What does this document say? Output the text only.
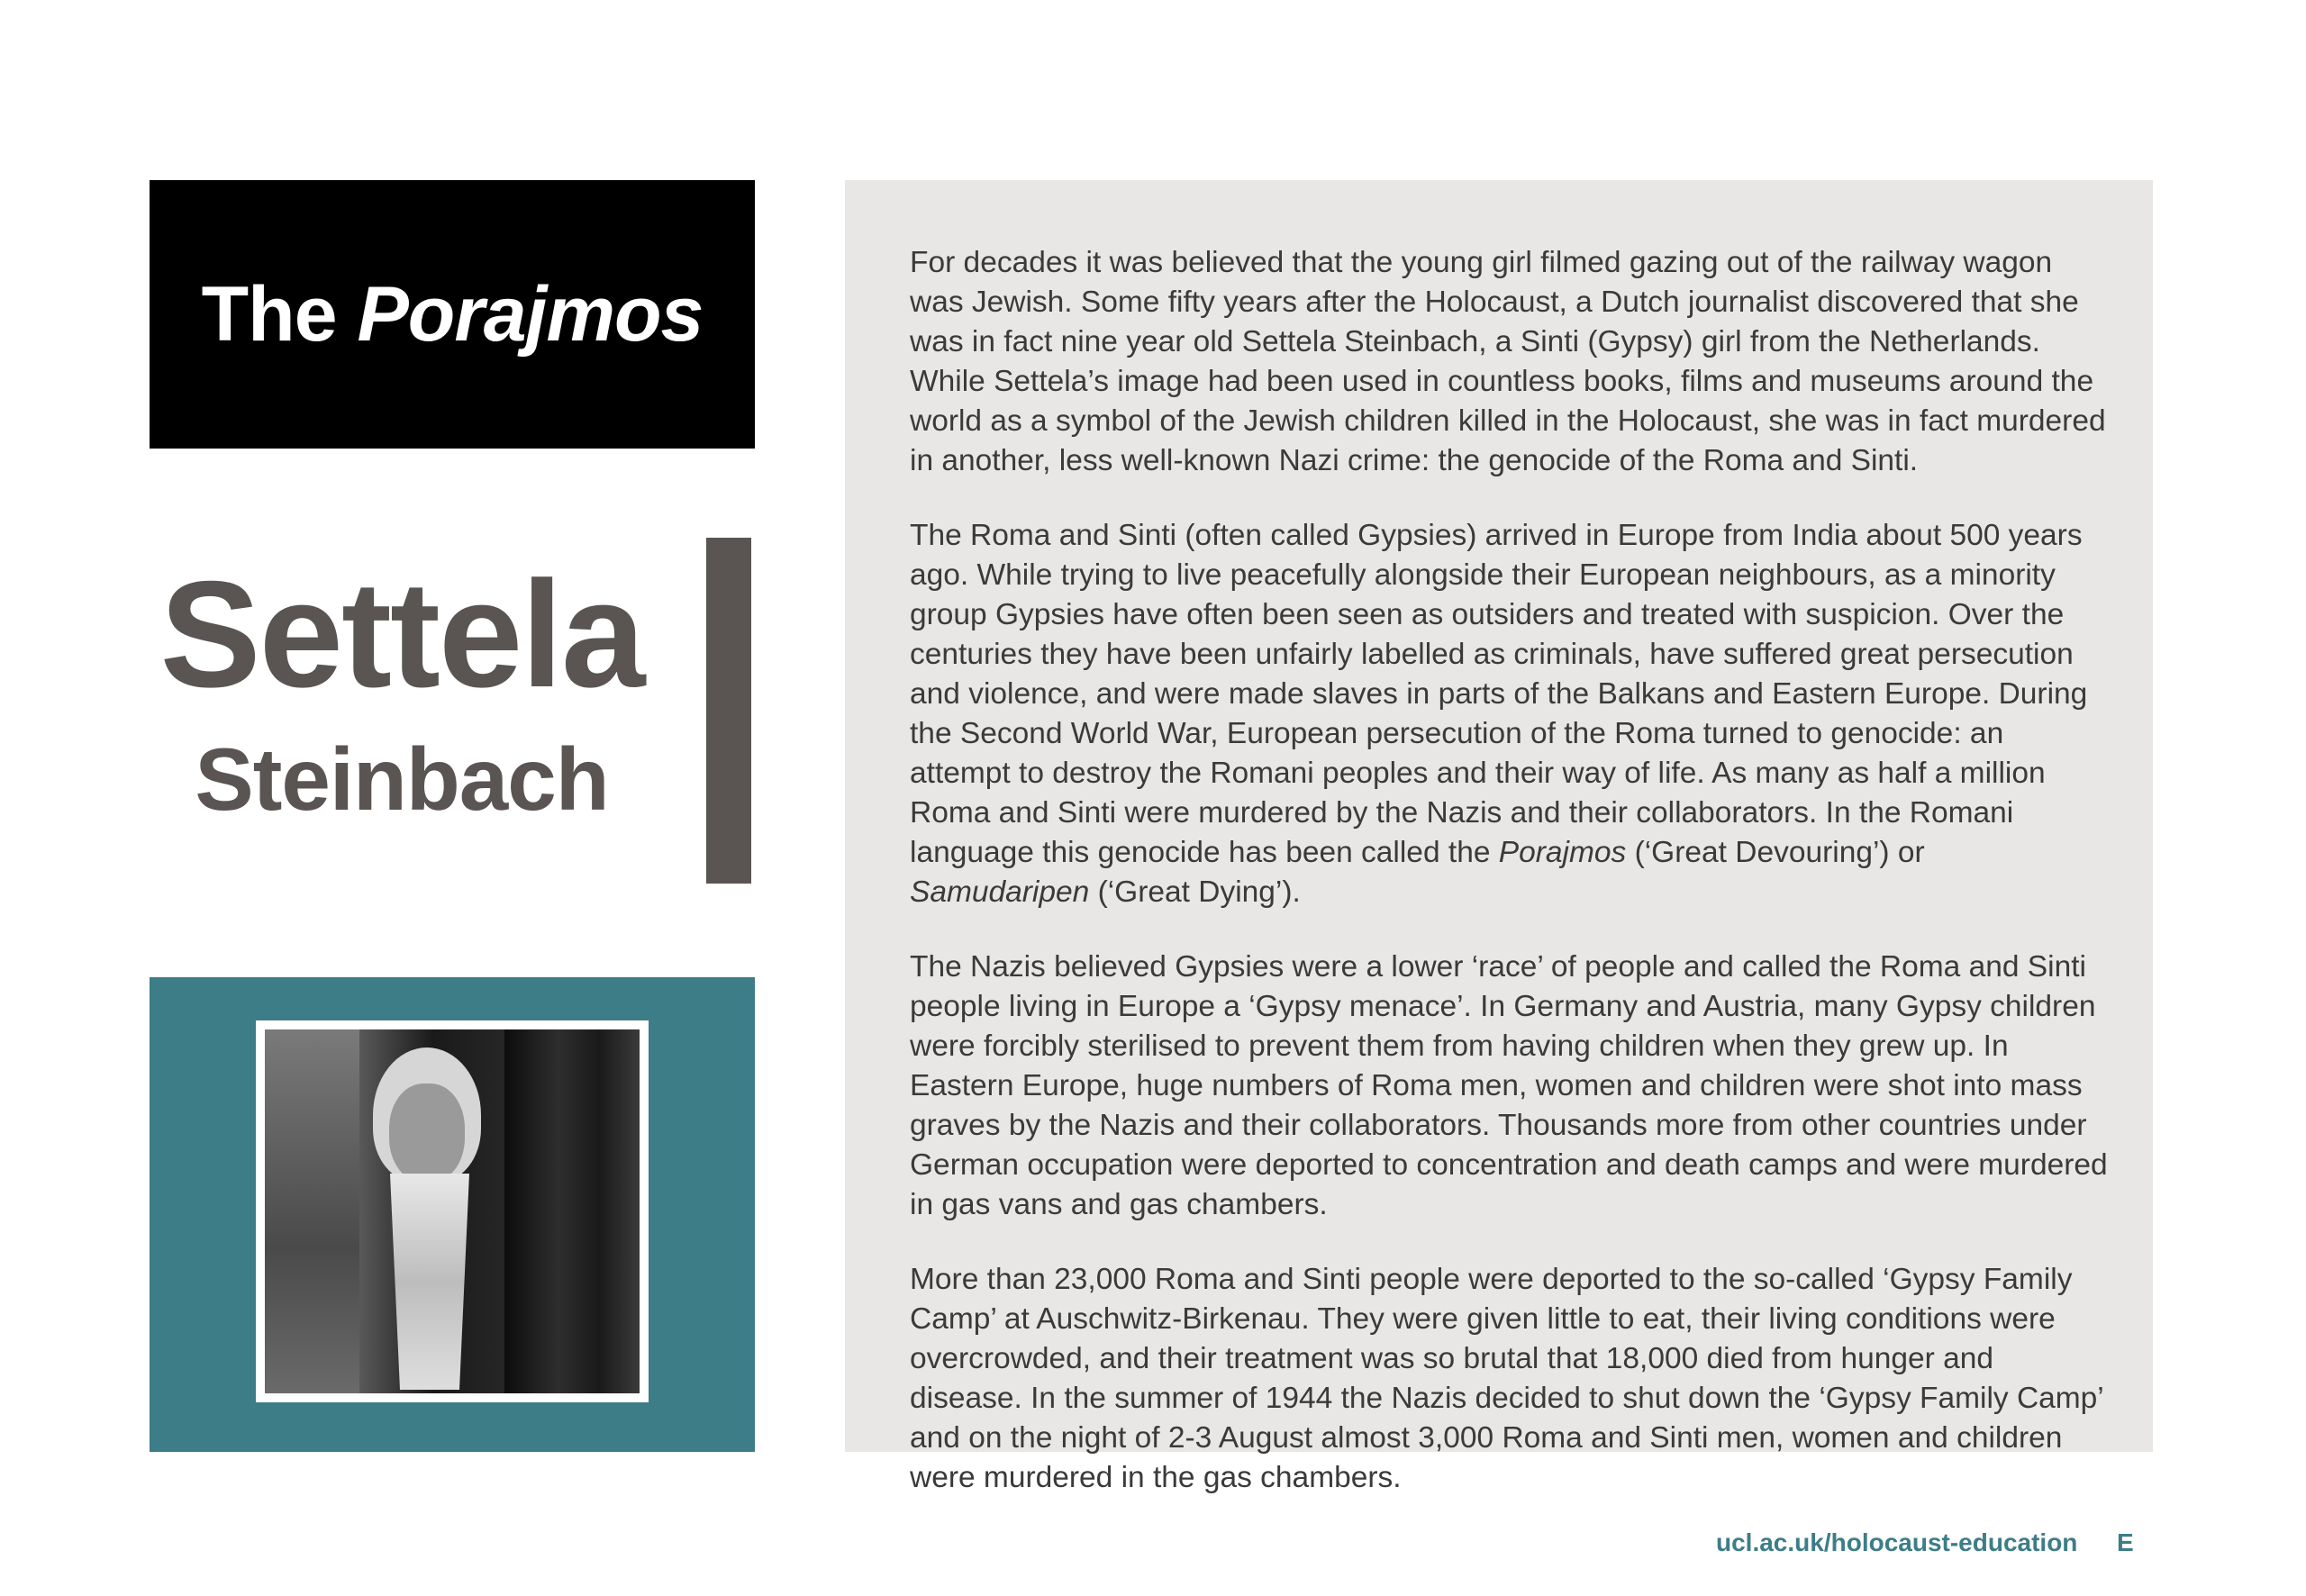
The Porajmos
Settela
Steinbach

For decades it was believed that the young girl filmed gazing out of the railway wagon was Jewish. Some fifty years after the Holocaust, a Dutch journalist discovered that she was in fact nine year old Settela Steinbach, a Sinti (Gypsy) girl from the Netherlands. While Settela’s image had been used in countless books, films and museums around the world as a symbol of the Jewish children killed in the Holocaust, she was in fact murdered in another, less well-known Nazi crime: the genocide of the Roma and Sinti.

The Roma and Sinti (often called Gypsies) arrived in Europe from India about 500 years ago. While trying to live peacefully alongside their European neighbours, as a minority group Gypsies have often been seen as outsiders and treated with suspicion. Over the centuries they have been unfairly labelled as criminals, have suffered great persecution and violence, and were made slaves in parts of the Balkans and Eastern Europe. During the Second World War, European persecution of the Roma turned to genocide: an attempt to destroy the Romani peoples and their way of life. As many as half a million Roma and Sinti were murdered by the Nazis and their collaborators. In the Romani language this genocide has been called the Porajmos (‘Great Devouring’) or Samudaripen (‘Great Dying’).

The Nazis believed Gypsies were a lower ‘race’ of people and called the Roma and Sinti people living in Europe a ‘Gypsy menace’. In Germany and Austria, many Gypsy children were forcibly sterilised to prevent them from having children when they grew up. In Eastern Europe, huge numbers of Roma men, women and children were shot into mass graves by the Nazis and their collaborators. Thousands more from other countries under German occupation were deported to concentration and death camps and were murdered in gas vans and gas chambers.

More than 23,000 Roma and Sinti people were deported to the so-called ‘Gypsy Family Camp’ at Auschwitz-Birkenau. They were given little to eat, their living conditions were overcrowded, and their treatment was so brutal that 18,000 died from hunger and disease. In the summer of 1944 the Nazis decided to shut down the ‘Gypsy Family Camp’ and on the night of 2-3 August almost 3,000 Roma and Sinti men, women and children were murdered in the gas chambers.

ucl.ac.uk/holocaust-education E
